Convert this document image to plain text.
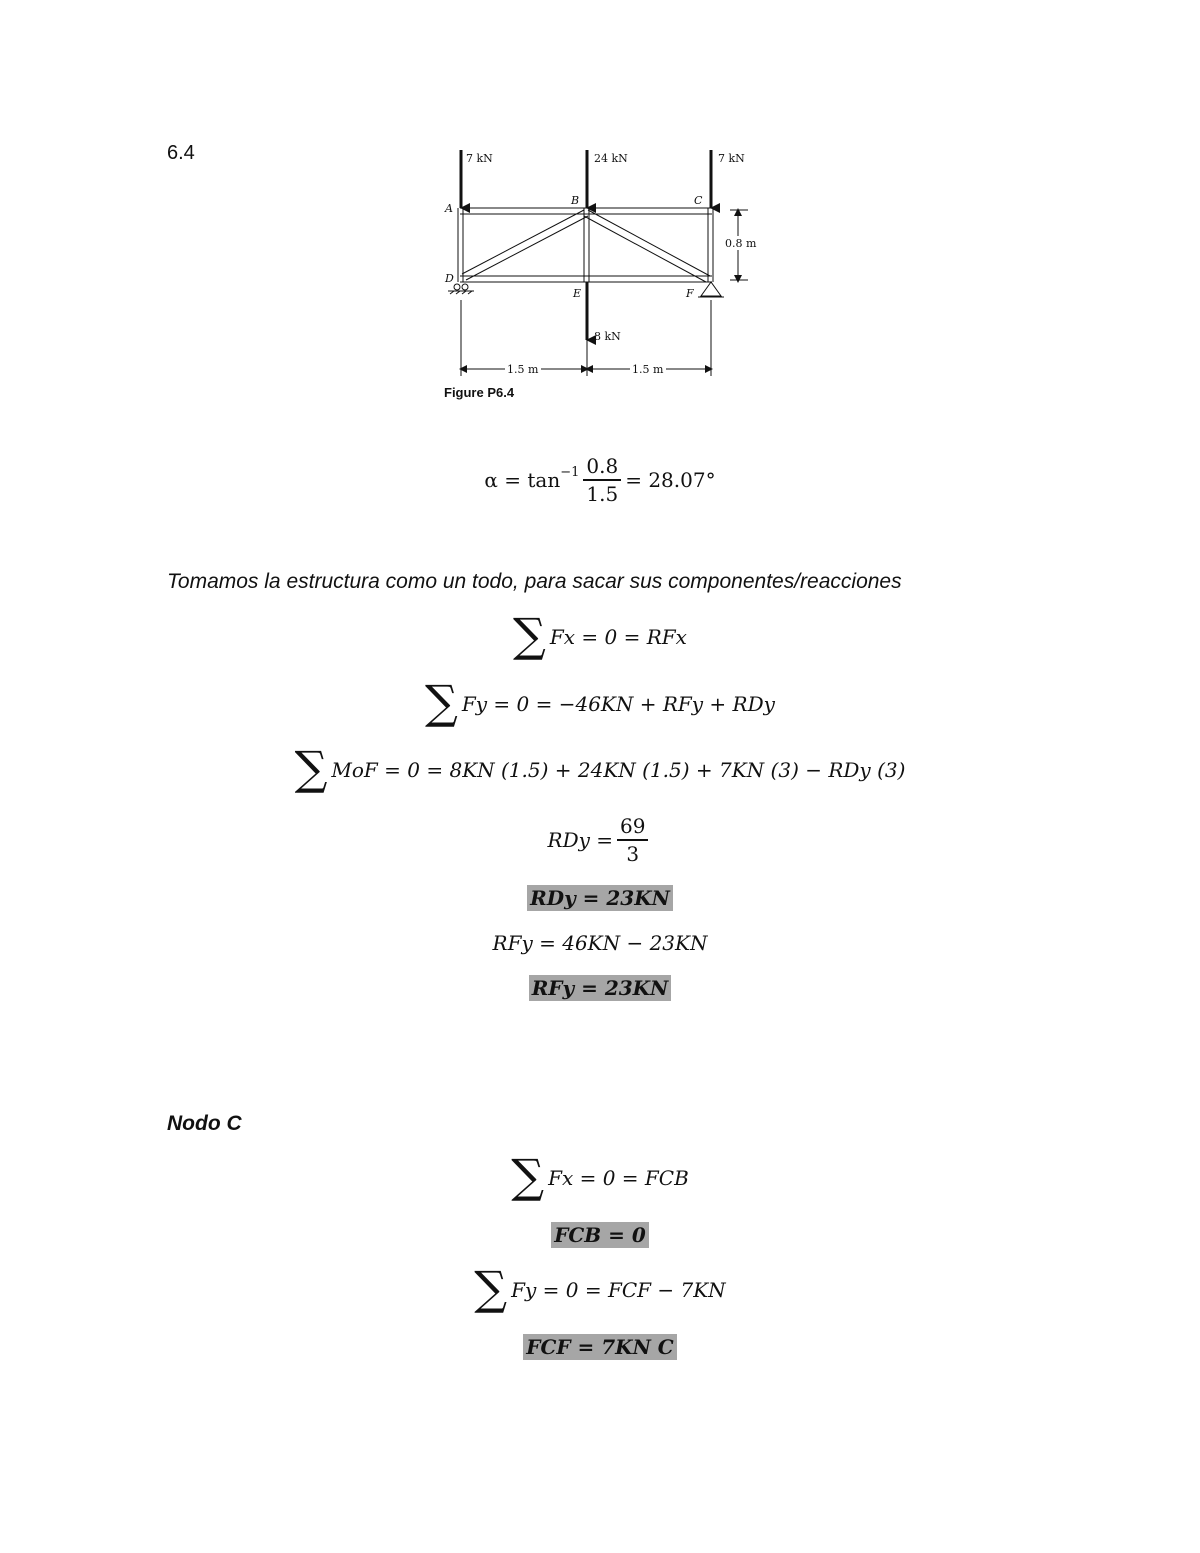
6.4	7 kN	24 kN	7 kN
8 kN
A
B	C
D
E	F
0.8 m
1.5 m	1.5 m
Figure P6.4
$\alpha = \tan^{-1} \frac{0.8}{1.5} = 28.07^\circ$
Tomamos la estructura como un todo, para sacar sus componentes/reacciones
∑ Fx = 0 = RFx
∑ Fy = 0 = −46KN + RFy + RDy
∑ MoF = 0 = 8KN (1.5) + 24KN (1.5) + 7KN (3) − RDy (3)
RDy = $\frac{69}{3}$
RDy = 23KN
RFy = 46KN − 23KN
RFy = 23KN
Nodo C
∑ Fx = 0 = FCB
FCB = 0
∑ Fy = 0 = FCF − 7KN
FCF = 7KN C
